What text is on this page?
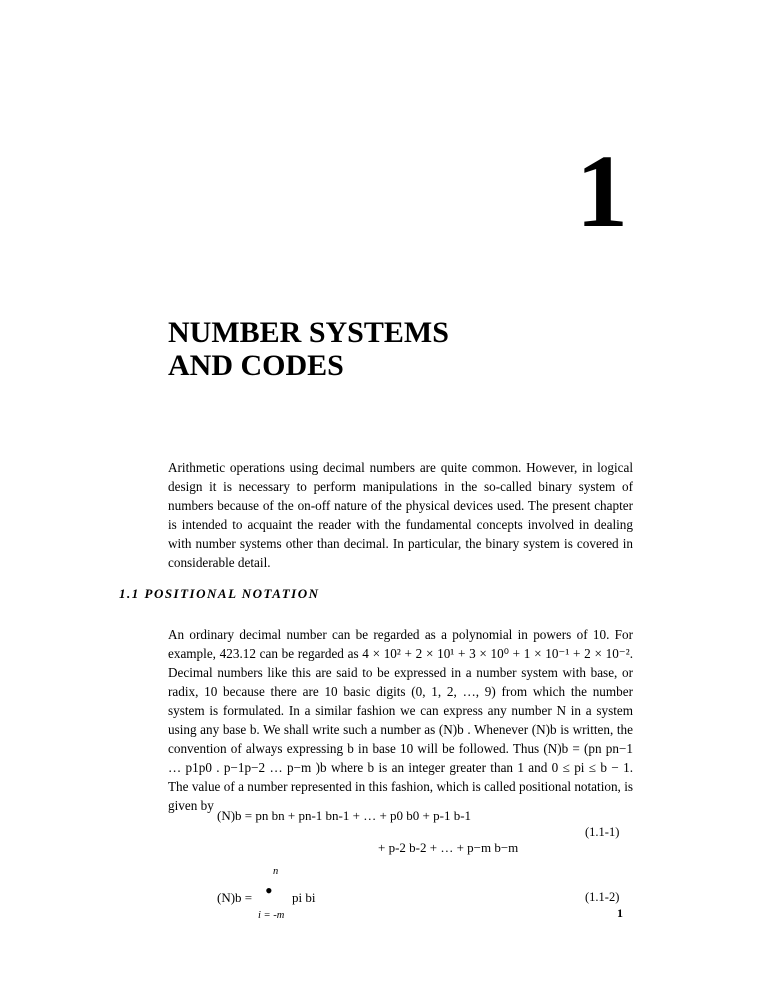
1
NUMBER SYSTEMS
AND CODES

Arithmetic operations using decimal numbers are quite common. However, in logical design it is necessary to perform manipulations in the so-called binary system of numbers because of the on-off nature of the physical devices used. The present chapter is intended to acquaint the reader with the fundamental concepts involved in dealing with number systems other than decimal. In particular, the binary system is covered in considerable detail.

1.1 POSITIONAL NOTATION

An ordinary decimal number can be regarded as a polynomial in powers of 10. For example, 423.12 can be regarded as 4 × 10² + 2 × 10¹ + 3 × 10⁰ + 1 × 10⁻¹ + 2 × 10⁻². Decimal numbers like this are said to be expressed in a number system with base, or radix, 10 because there are 10 basic digits (0, 1, 2, …, 9) from which the number system is formulated. In a similar fashion we can express any number N in a system using any base b. We shall write such a number as (N)b . Whenever (N)b is written, the convention of always expressing b in base 10 will be followed. Thus (N)b = (pn pn−1 … p1p0 . p−1p−2 … p−m )b where b is an integer greater than 1 and 0 ≤ pi ≤ b − 1. The value of a number represented in this fashion, which is called positional notation, is given by

(N)b = pn bn + pn-1 bn-1 + … + p0 b0 + p-1 b-1
+ p-2 b-2 + … + p−m b−m
(1.1-1)
n
(N)b = • pi bi
i = -m
(1.1-2)
1
